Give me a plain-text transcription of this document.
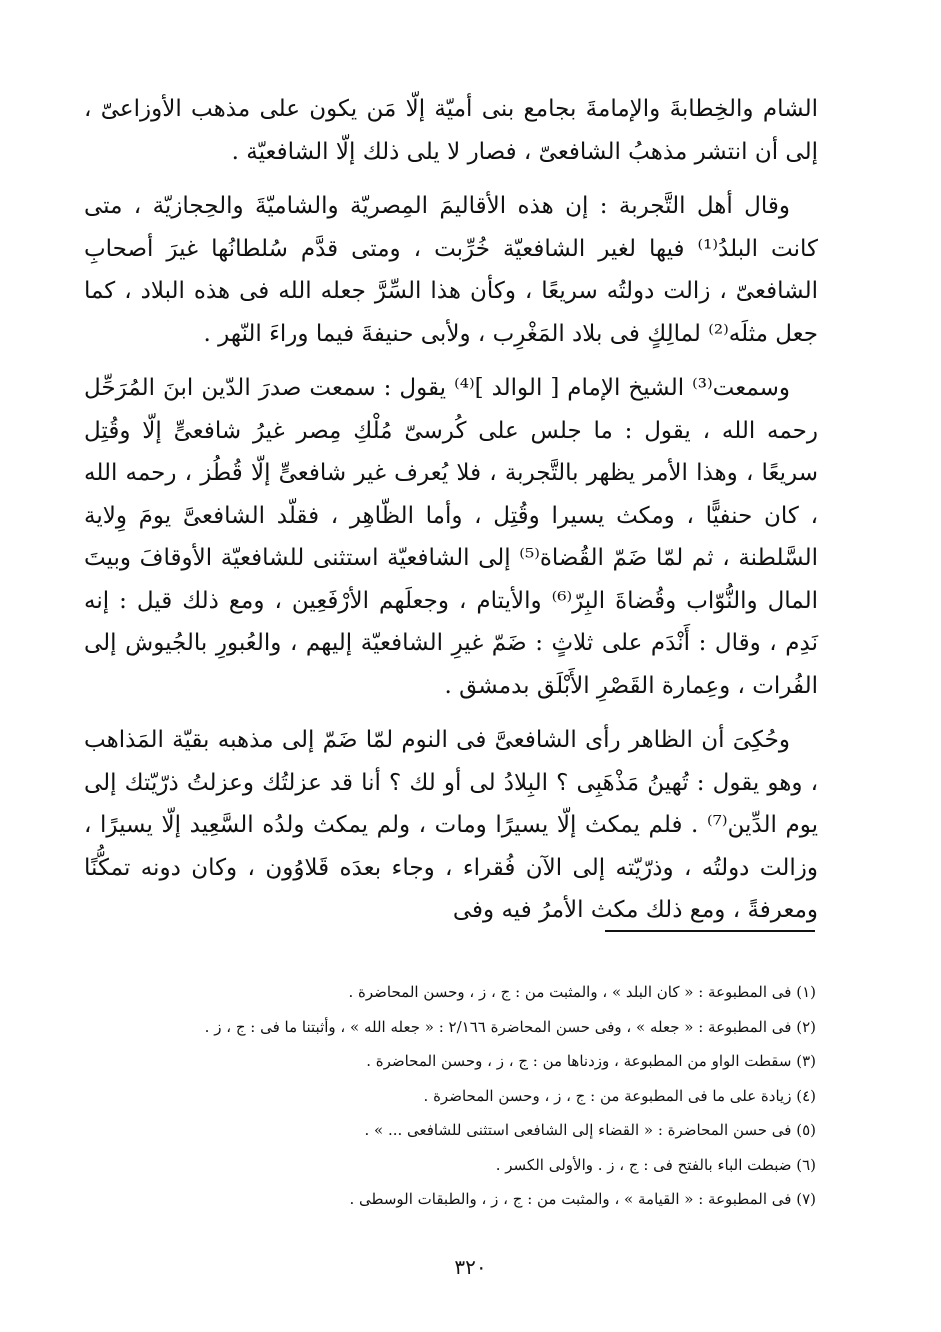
الشام والخِطابةَ والإمامةَ بجامع بنى أميّة إلّا مَن يكون على مذهب الأوزاعىّ ، إلى أن انتشر مذهبُ الشافعىّ ، فصار لا يلى ذلك إلّا الشافعيّة .

وقال أهل التَّجربة : إن هذه الأقاليمَ المِصريّة والشاميّةَ والحِجازيّة ، متى كانت البلدُ⁽¹⁾ فيها لغير الشافعيّة خُرِّبت ، ومتى قدَّم سُلطانُها غيرَ أصحابِ الشافعىّ ، زالت دولتُه سريعًا ، وكأن هذا السِّرَّ جعله الله فى هذه البلاد ، كما جعل مثلَه⁽²⁾ لمالِكٍ فى بلاد المَغْرِب ، ولأبى حنيفةَ فيما وراءَ النّهر .

وسمعت⁽³⁾ الشيخ الإمام [ الوالد ]⁽⁴⁾ يقول : سمعت صدرَ الدّين ابنَ المُرَحِّل رحمه الله ، يقول : ما جلس على كُرسىّ مُلْكِ مِصر غيرُ شافعىٍّ إلّا وقُتِل سريعًا ، وهذا الأمر يظهر بالتَّجربة ، فلا يُعرف غير شافعىٍّ إلّا قُطُز ، رحمه الله ، كان حنفيًّا ، ومكث يسيرا وقُتِل ، وأما الظّاهِر ، فقلّد الشافعىَّ يومَ وِلاية السَّلطنة ، ثم لمّا ضَمّ القُضاة⁽⁵⁾ إلى الشافعيّة استثنى للشافعيّة الأوقافَ وبيتَ المال والنُّوّاب وقُضاةَ البِرّ⁽⁶⁾ والأيتام ، وجعلَهم الأرْفَعِين ، ومع ذلك قيل : إنه نَدِم ، وقال : أَنْدَم على ثلاثٍ : ضَمّ غيرِ الشافعيّة إليهم ، والعُبورِ بالجُيوش إلى الفُرات ، وعِمارة القَصْرِ الأَبْلَق بدمشق .

وحُكِىَ أن الظاهر رأى الشافعىَّ فى النوم لمّا ضَمّ إلى مذهبه بقيّة المَذاهب ، وهو يقول : تُهينُ مَذْهَبِى ؟ البِلادُ لى أو لك ؟ أنا قد عزلتُك وعزلتُ ذرّيّتك إلى يوم الدِّين⁽⁷⁾ . فلم يمكث إلّا يسيرًا ومات ، ولم يمكث ولدُه السَّعِيد إلّا يسيرًا ، وزالت دولتُه ، وذرّيّته إلى الآن فُقراء ، وجاء بعدَه قَلاوُون ، وكان دونه تمكُّنًا ومعرفةً ، ومع ذلك مكث الأمرُ فيه وفى

(١) فى المطبوعة : « كان البلد » ، والمثبت من : ج ، ز ، وحسن المحاضرة .
(٢) فى المطبوعة : « جعله » ، وفى حسن المحاضرة ٢/١٦٦ : « جعله الله » ، وأثبتنا ما فى : ج ، ز .
(٣) سقطت الواو من المطبوعة ، وزدناها من : ج ، ز ، وحسن المحاضرة .
(٤) زيادة على ما فى المطبوعة من : ج ، ز ، وحسن المحاضرة .
(٥) فى حسن المحاضرة : « القضاء إلى الشافعى استثنى للشافعى ... » .
(٦) ضبطت الباء بالفتح فى : ج ، ز . والأولى الكسر .
(٧) فى المطبوعة : « القيامة » ، والمثبت من : ج ، ز ، والطبقات الوسطى .
٣٢٠
